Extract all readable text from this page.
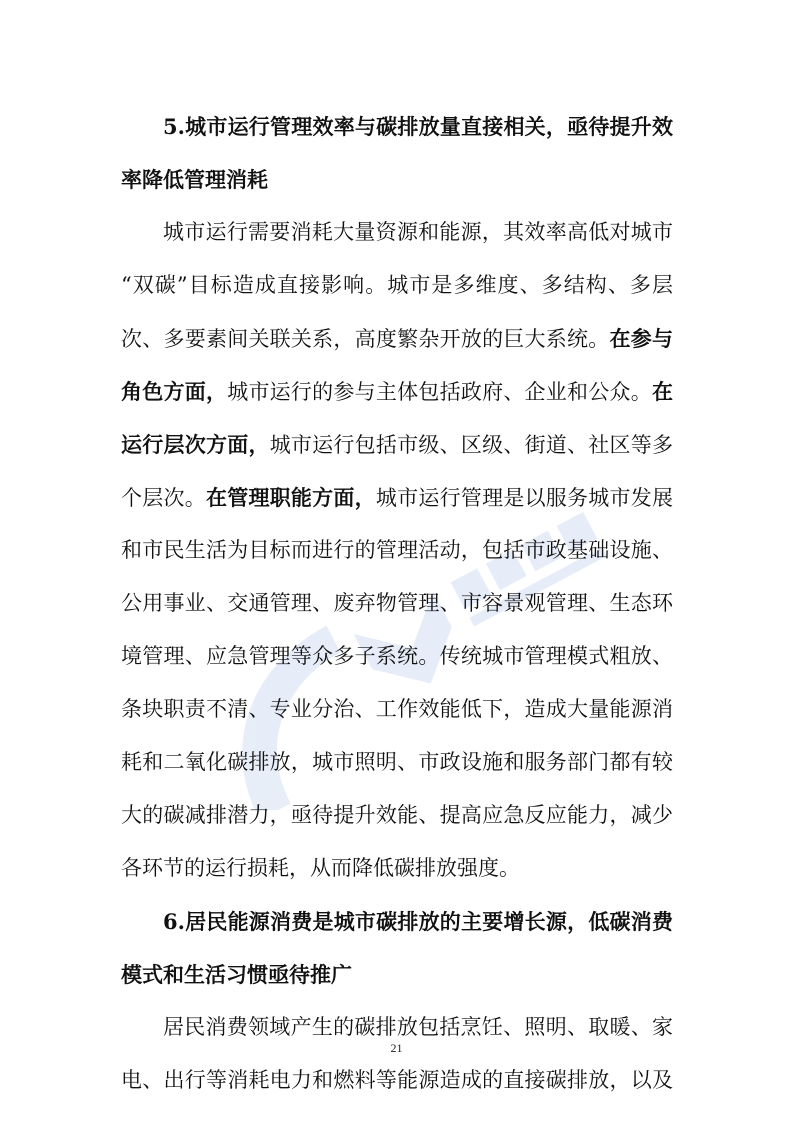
5.城市运行管理效率与碳排放量直接相关，亟待提升效
率降低管理消耗
城市运行需要消耗大量资源和能源，其效率高低对城市
“双碳”目标造成直接影响。城市是多维度、多结构、多层
次、多要素间关联关系，高度繁杂开放的巨大系统。在参与
角色方面，城市运行的参与主体包括政府、企业和公众。在
运行层次方面，城市运行包括市级、区级、街道、社区等多
个层次。在管理职能方面，城市运行管理是以服务城市发展
和市民生活为目标而进行的管理活动，包括市政基础设施、
公用事业、交通管理、废弃物管理、市容景观管理、生态环
境管理、应急管理等众多子系统。传统城市管理模式粗放、
条块职责不清、专业分治、工作效能低下，造成大量能源消
耗和二氧化碳排放，城市照明、市政设施和服务部门都有较
大的碳减排潜力，亟待提升效能、提高应急反应能力，减少
各环节的运行损耗，从而降低碳排放强度。
6.居民能源消费是城市碳排放的主要增长源，低碳消费
模式和生活习惯亟待推广
居民消费领域产生的碳排放包括烹饪、照明、取暖、家
电、出行等消耗电力和燃料等能源造成的直接碳排放，以及
21
